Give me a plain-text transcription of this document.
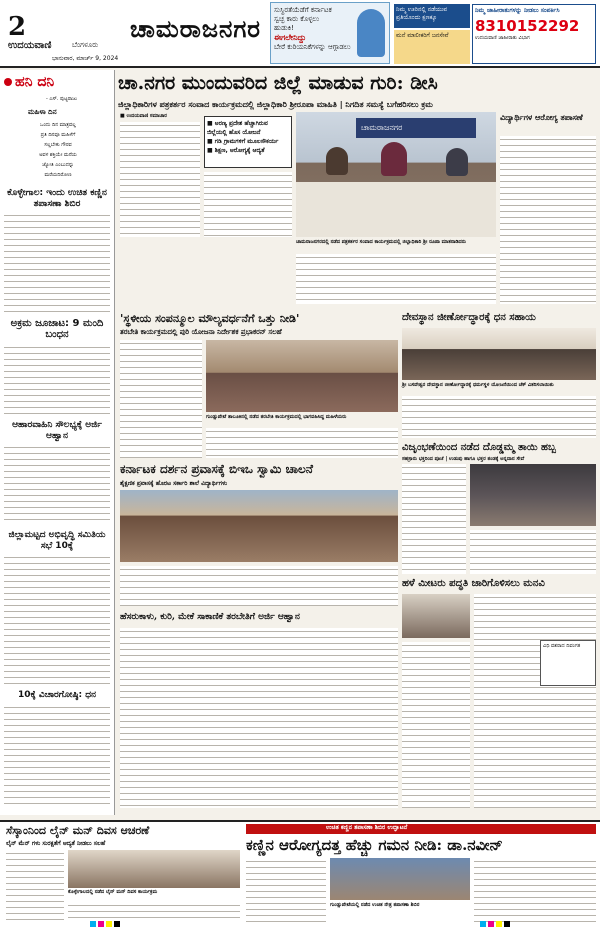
2
ಉದಯವಾಣಿ	ಬೆಂಗಳೂರು
ಭಾನುವಾರ, ಮಾರ್ಚ್ 9, 2024
ಚಾಮರಾಜನಗರ
ಸುಸ್ಥಿರತೆಯೆಡೆಗೆ ಕರ್ನಾಟಕ
ಸ್ವಚ್ಛ ಕಾರು ಕೊಳ್ಳಲು
ಹುಡುಕಿ!
ಈಗಲೇನಿದ್ದು
ಬೇರೆ ಕುರಿಯನಿಕೆಗಳನ್ನು ಆಗ್ಗಾಡಲು
ನಿಮ್ಮ ಊರಿನಲ್ಲಿ ನಡೆಯುವ ಪ್ರತಿಯೊಂದು ಕ್ಷಣಕ್ಕೂ
ಮನೆ ಮಾಲೀಕರಿಗೆ ಜನಸೇವೆ
ನಿಮ್ಮ ಜಾಹೀರಾತುಗಳನ್ನು ನೀಡಲು ಸಂಪರ್ಕಿಸಿ
8310152292
ಉದಯವಾಣಿ ಜಾಹೀರಾತು ವಿಭಾಗ
ಹನಿ ದನಿ
- ಎಸ್. ಪುಟ್ಟರಾಜು
ಮಹಿಳಾ ದಿನ
ಒಂದು ದಿನ ಮಾತ್ರವಲ್ಲ
ಪ್ರತಿ ದಿನವೂ ಮಹಿಳೆಗೆ
ಸಲ್ಲಬೇಕು ಗೌರವ
ಅವಳ ಶಕ್ತಿಯೇ ಮನೆಯ
ಜ್ಯೋತಿ ಎಂಬುದನ್ನು
ಮರೆಯದಿರೋಣ
ಕೊಳ್ಳೇಗಾಲ: ಇಂದು ಉಚಿತ ಕಣ್ಣಿನ ತಪಾಸಣಾ ಶಿಬಿರ
ಅಕ್ರಮ ಜೂಜಾಟ: 9 ಮಂದಿ ಬಂಧನ
ಆಹಾರವಾಹಿನಿ ಸೌಲಭ್ಯಕ್ಕೆ ಅರ್ಜಿ ಆಹ್ವಾನ
ಜಿಲ್ಲಾಮಟ್ಟದ ಅಭಿವೃದ್ಧಿ ಸಮಿತಿಯ ಸಭೆ 10ಕ್ಕೆ
10ಕ್ಕೆ ವಿಚಾರಗೋಷ್ಠಿ: ಧನ
ಚಾ.ನಗರ ಮುಂದುವರಿದ ಜಿಲ್ಲೆ ಮಾಡುವ ಗುರಿ: ಡೀಸಿ
ಜಿಲ್ಲಾಧಿಕಾರಿಗಳ ಪತ್ರಕರ್ತರ ಸಂವಾದ ಕಾರ್ಯಕ್ರಮದಲ್ಲಿ ಜಿಲ್ಲಾಧಿಕಾರಿ ಶ್ರೀರೂಪಾ ಮಾಹಿತಿ | ನಿಗದಿತ ಸಮಸ್ಯೆ ಬಗೆಹರಿಸಲು ಕ್ರಮ
■ ಉದಯವಾಣಿ ಸಮಾಚಾರ
■ ಅರಣ್ಯ ಪ್ರದೇಶ ಹೆಚ್ಚಾಗಿರುವ
ಜಿಲ್ಲೆಯಲ್ಲಿ ಹೊಸ ಯೋಜನೆ
■ ಗಡಿ ಗ್ರಾಮಗಳಿಗೆ ಮೂಲಸೌಕರ್ಯ
■ ಶಿಕ್ಷಣ, ಆರೋಗ್ಯಕ್ಕೆ ಆದ್ಯತೆ
ಚಾಮರಾಜನಗರ
ಚಾಮರಾಜನಗರದಲ್ಲಿ ನಡೆದ ಪತ್ರಕರ್ತರ ಸಂವಾದ ಕಾರ್ಯಕ್ರಮದಲ್ಲಿ ಜಿಲ್ಲಾಧಿಕಾರಿ ಶ್ರೀ ರೂಪಾ ಮಾತನಾಡಿದರು
ವಿದ್ಯಾರ್ಥಿಗಳ ಆರೋಗ್ಯ ತಪಾಸಣೆ
'ಸ್ಥಳೀಯ ಸಂಪನ್ಮೂಲ ಮೌಲ್ಯವರ್ಧನೆಗೆ ಒತ್ತು ನೀಡಿ'
ತರಬೇತಿ ಕಾರ್ಯಕ್ರಮದಲ್ಲಿ ಪುರಿ ಯೋಜನಾ ನಿರ್ದೇಶಕ ಪ್ರಭಾಕರನ್ ಸಲಹೆ
ಗುಂಡ್ಲುಪೇಟೆ ತಾಲೂಕಿನಲ್ಲಿ ನಡೆದ ತರಬೇತಿ ಕಾರ್ಯಕ್ರಮದಲ್ಲಿ ಭಾಗವಹಿಸಿದ್ದ ಮಹಿಳೆಯರು
ದೇವಸ್ಥಾನ ಜೀರ್ಣೋದ್ಧಾರಕ್ಕೆ ಧನ ಸಹಾಯ
ಶ್ರೀ ಬಸವೇಶ್ವರ ದೇವಸ್ಥಾನ ಜೀರ್ಣೋದ್ಧಾರಕ್ಕೆ ಧರ್ಮಸ್ಥಳ ಯೋಜನೆಯಿಂದ ಚೆಕ್ ವಿತರಿಸಲಾಯಿತು
ವಿಜೃಂಭಣೆಯಿಂದ ನಡೆದ ದೊಡ್ಡಮ್ಮ ತಾಯಿ ಹಬ್ಬ
ಸಹಸ್ರಾರು ಭಕ್ತರಿಂದ ಪೂಜೆ | ಉಡುಪು ಹಾಗೂ ಭಕ್ತರ ತಂಡಕ್ಕೆ ಅನ್ನದಾನ ಸೇವೆ
ಕರ್ನಾಟಕ ದರ್ಶನ ಪ್ರವಾಸಕ್ಕೆ ಬಿಇಒ ಸ್ವಾಮಿ ಚಾಲನೆ
ಶೈಕ್ಷಣಿಕ ಪ್ರವಾಸಕ್ಕೆ ಹೊರಟ ಸರ್ಕಾರಿ ಶಾಲೆ ವಿದ್ಯಾರ್ಥಿಗಳು
ಹಳೆ ಮೀಟರು ಪದ್ಧತಿ ಜಾರಿಗೊಳಿಸಲು ಮನವಿ
ವಿಧಿ ವಶರಾದ ದಿವಂಗತ
ಹೆಸರುಕಾಳು, ಕುರಿ, ಮೇಕೆ ಸಾಕಾಣಿಕೆ ತರಬೇತಿಗೆ ಅರ್ಜಿ ಆಹ್ವಾನ
ಸೆಸ್ಕಾಂನಿಂದ ಲೈನ್ ಮನ್ ದಿವಸ ಆಚರಣೆ
ಲೈನ್ ಮೆನ್ ಗಳು ಸುರಕ್ಷತೆಗೆ ಆದ್ಯತೆ ನೀಡಲು ಸಲಹೆ
ಕೊಳ್ಳೇಗಾಲದಲ್ಲಿ ನಡೆದ ಲೈನ್ ಮನ್ ದಿವಸ ಕಾರ್ಯಕ್ರಮ
ಉಚಿತ ಕಣ್ಣಿನ ತಪಾಸಣಾ ಶಿಬಿರ ಉದ್ಘಾಟನೆ
ಕಣ್ಣಿನ ಆರೋಗ್ಯದತ್ತ ಹೆಚ್ಚು ಗಮನ ನೀಡಿ: ಡಾ.ನವೀನ್
ಗುಂಡ್ಲುಪೇಟೆಯಲ್ಲಿ ನಡೆದ ಉಚಿತ ನೇತ್ರ ತಪಾಸಣಾ ಶಿಬಿರ
